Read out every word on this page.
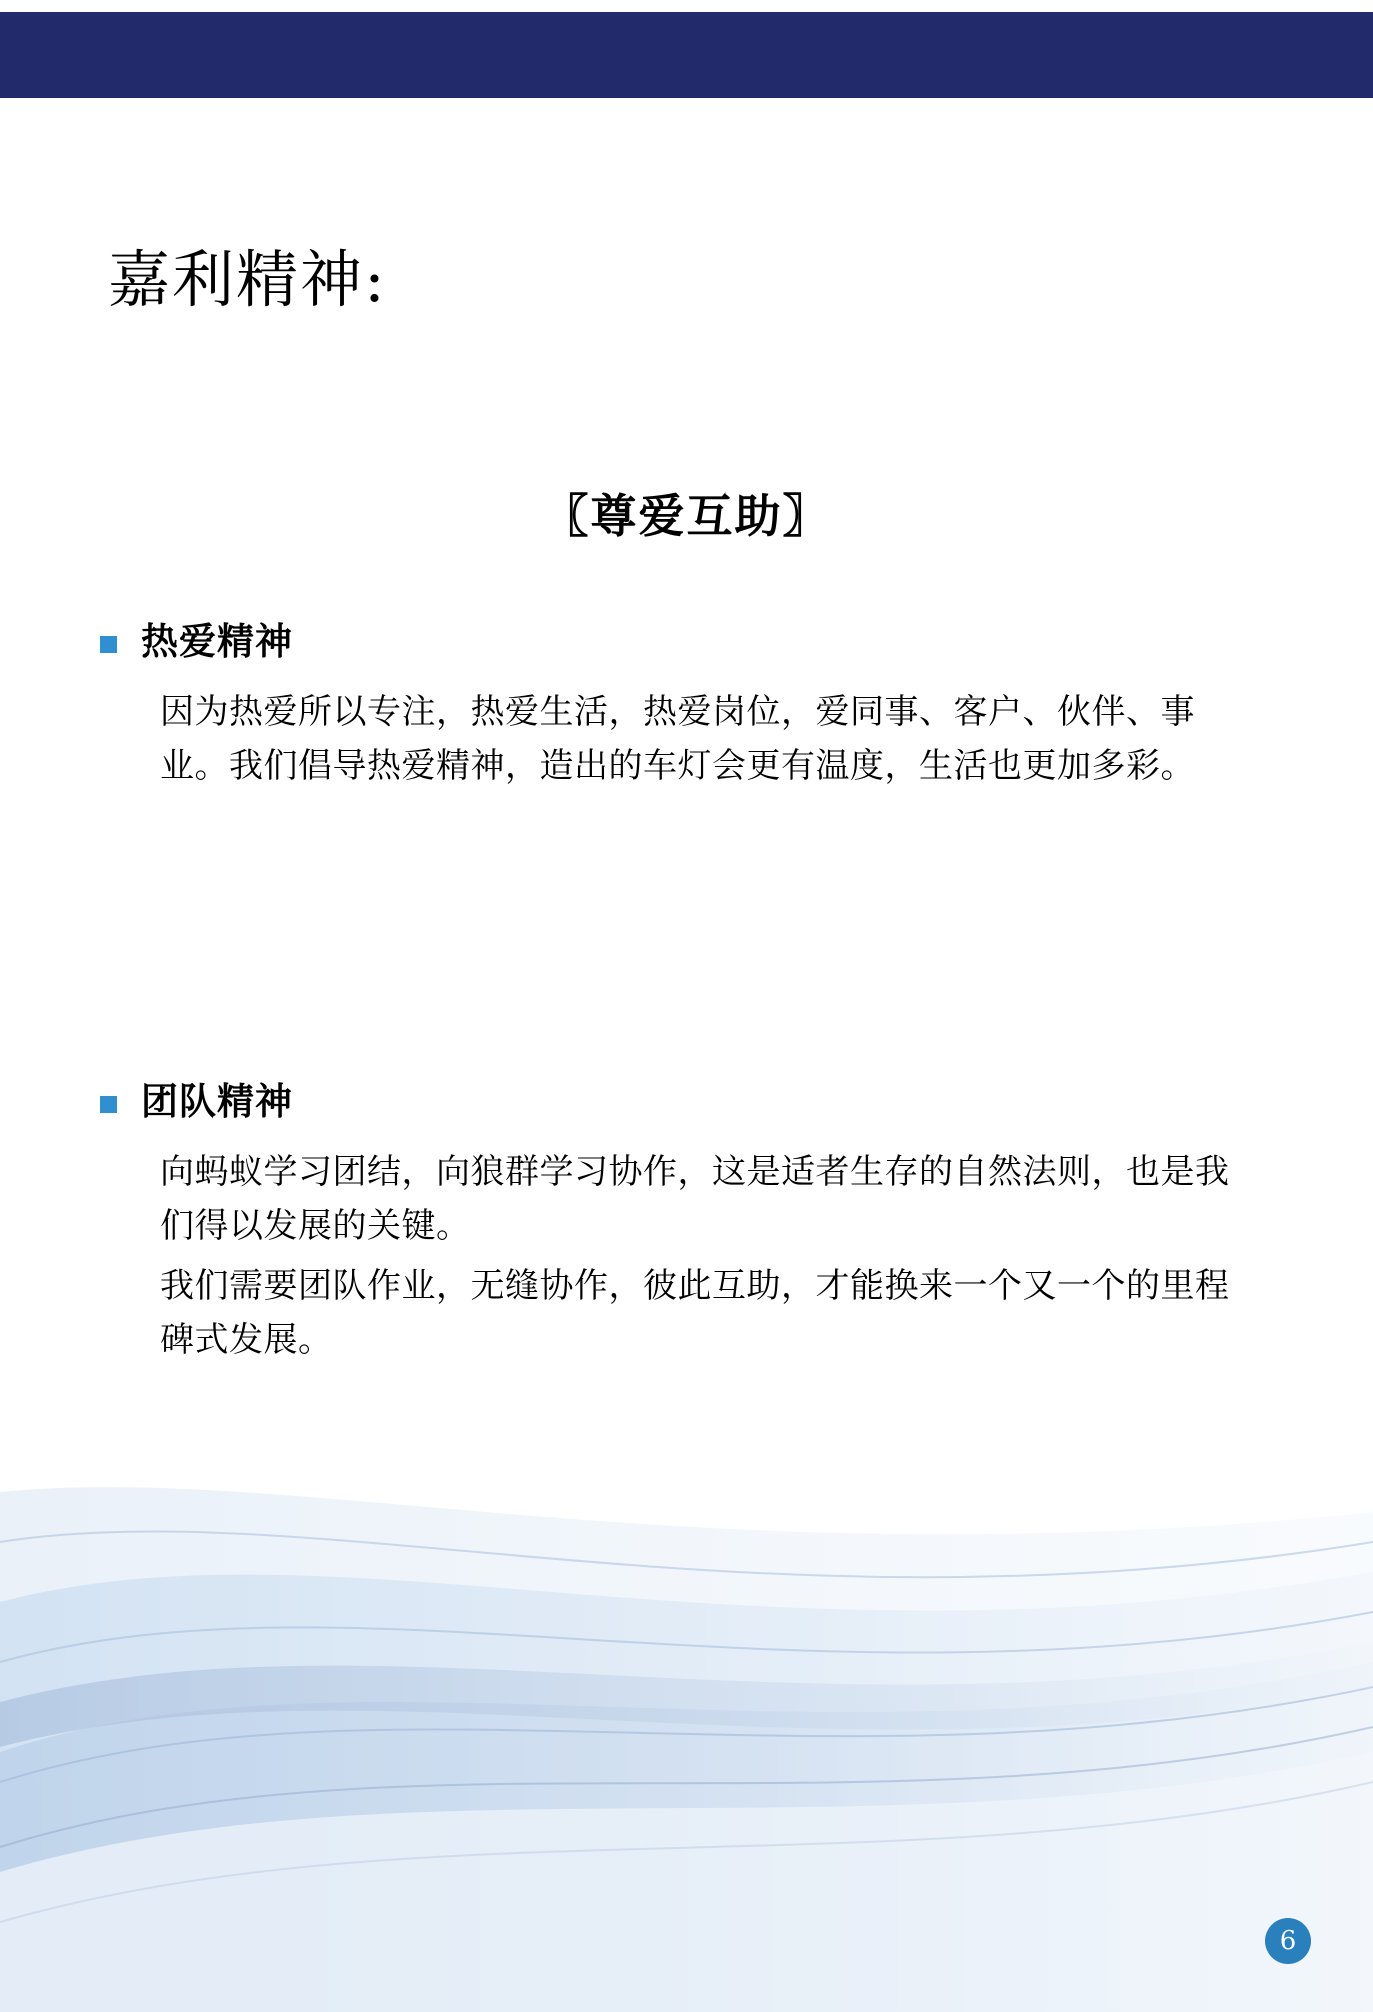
嘉利精神:
〖尊爱互助〗
热爱精神

因为热爱所以专注，热爱生活，热爱岗位，爱同事、客户、伙伴、事业。我们倡导热爱精神，造出的车灯会更有温度，生活也更加多彩。

团队精神

向蚂蚁学习团结，向狼群学习协作，这是适者生存的自然法则，也是我们得以发展的关键。

我们需要团队作业，无缝协作，彼此互助，才能换来一个又一个的里程碑式发展。

6
